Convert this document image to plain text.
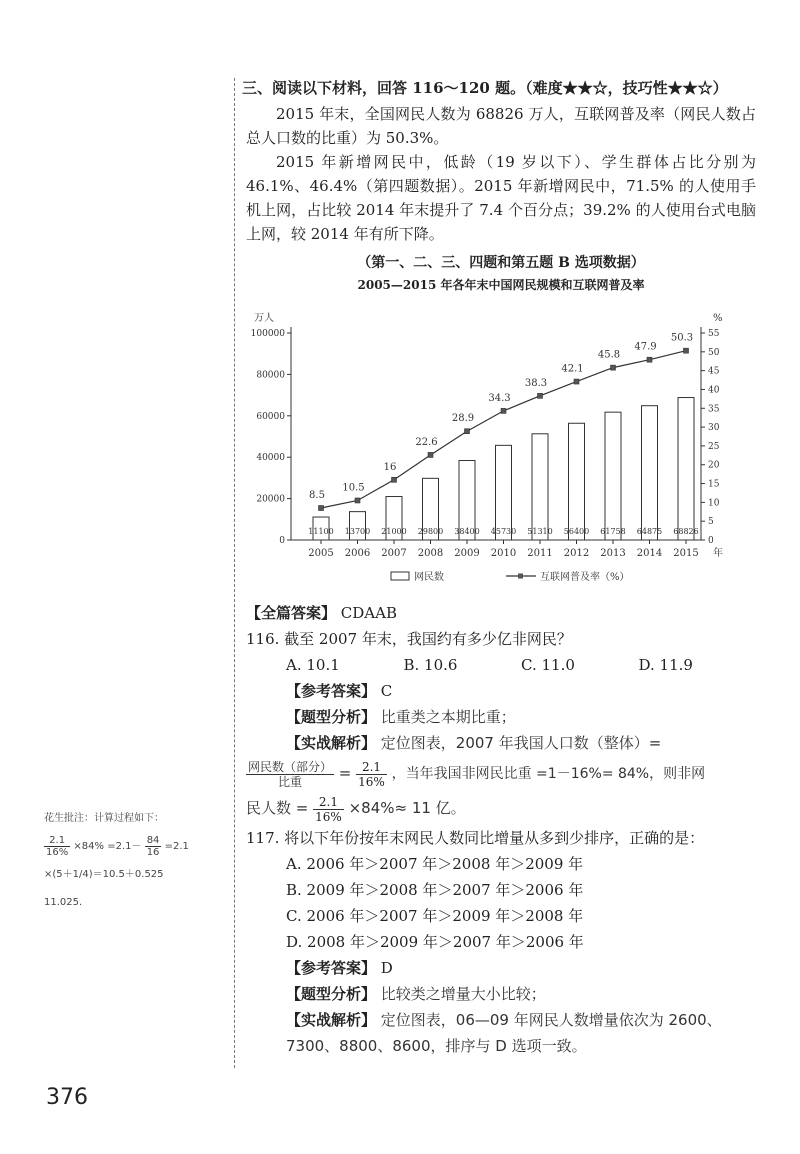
三、阅读以下材料，回答 116～120 题。（难度★★☆，技巧性★★☆）

2015 年末，全国网民人数为 68826 万人，互联网普及率（网民人数占总人口数的比重）为 50.3%。

2015 年新增网民中，低龄（19 岁以下）、学生群体占比分别为 46.1%、46.4%（第四题数据）。2015 年新增网民中，71.5% 的人使用手机上网，占比较 2014 年末提升了 7.4 个百分点；39.2% 的人使用台式电脑上网，较 2014 年有所下降。

（第一、二、三、四题和第五题 B 选项数据）
2005—2015 年各年末中国网民规模和互联网普及率
万人	%
0
20000
40000
60000
80000
100000
0
5
10
15
20
25
30
35
40
45
50
55
11100
2005
13700
2006
21000
2007
29800
2008
38400
2009
45730
2010
51310
2011
56400
2012
61758
2013
64875
2014
68826
2015 年
8.5
10.5
16
22.6
28.9
34.3
38.3
42.1
45.8
47.9
50.3
网民数	互联网普及率（%）

【全篇答案】 CDAAB

116. 截至 2007 年末，我国约有多少亿非网民？

A. 10.1	B. 10.6	C. 11.0	D. 11.9

【参考答案】 C

【题型分析】 比重类之本期比重；

【实战解析】 定位图表，2007 年我国人口数（整体）=

$\frac{\text{网民数（部分）}}{\text{比重}} = \frac{2.1}{16\%}$ ，当年我国非网民比重 =1－16%= 84%，则非网

民人数 = $\frac{2.1}{16\%} \times 84\%\approx 11$ 亿。

117. 将以下年份按年末网民人数同比增量从多到少排序，正确的是：

A. 2006 年＞2007 年＞2008 年＞2009 年

B. 2009 年＞2008 年＞2007 年＞2006 年

C. 2006 年＞2007 年＞2009 年＞2008 年

D. 2008 年＞2009 年＞2007 年＞2006 年

【参考答案】 D

【题型分析】 比较类之增量大小比较；

【实战解析】 定位图表，06—09 年网民人数增量依次为 2600、7300、8800、8600，排序与 D 选项一致。

花生批注：计算过程如下：
$\frac{2.1}{16\%} \times 84\% =2.1- \frac{84}{16} =2.1$
×(5＋1/4)＝10.5＋0.525
11.025.
376
